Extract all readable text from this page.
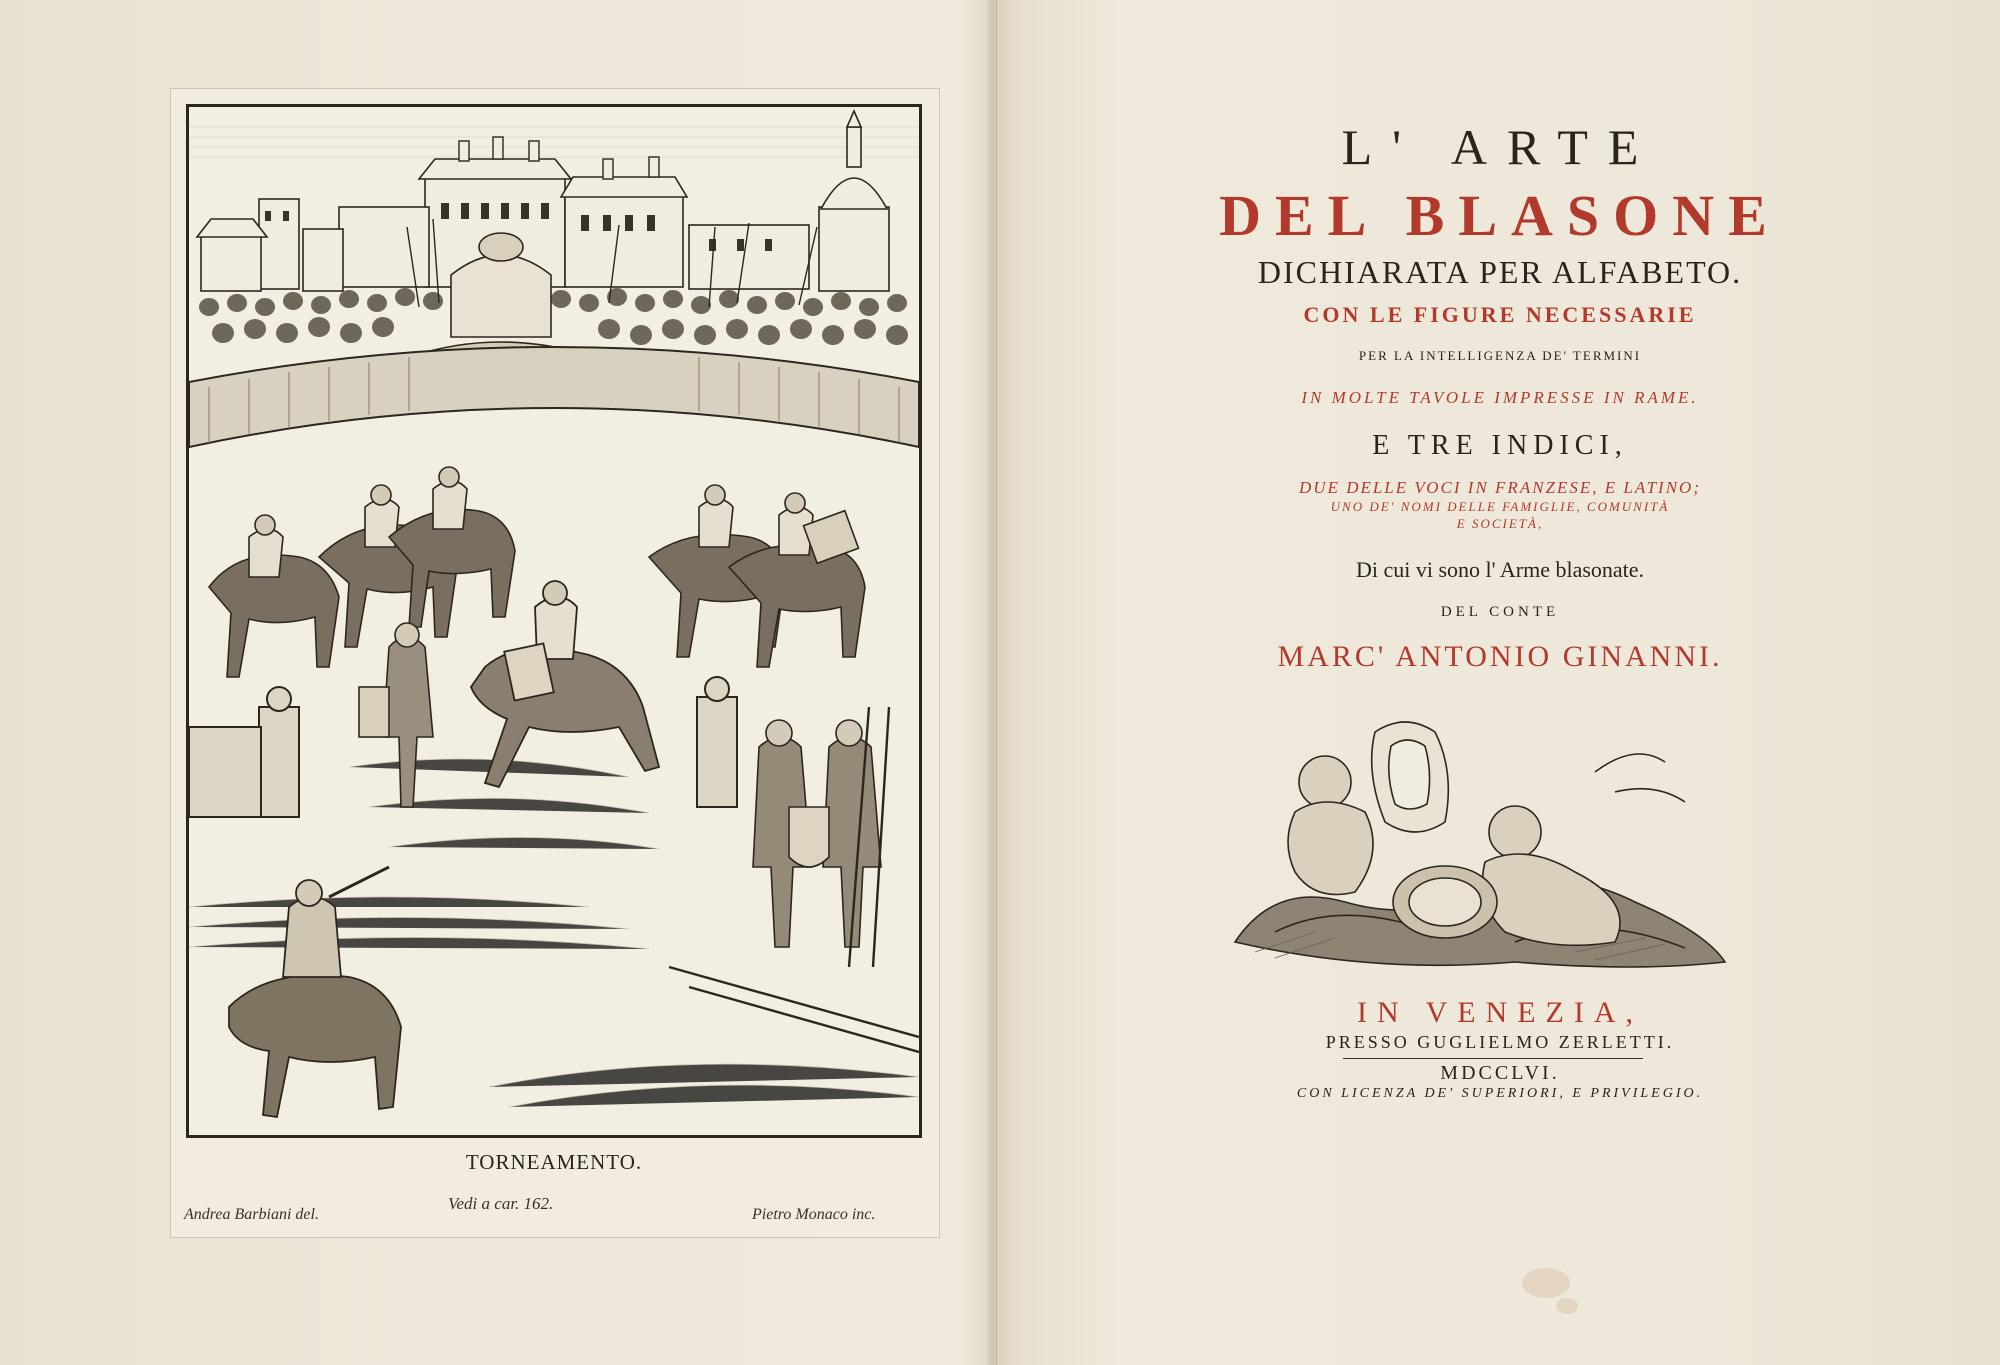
TORNEAMENTO.
Andrea Barbiani del.
Vedi a car. 162.
Pietro Monaco inc.
L' ARTE
DEL BLASONE
DICHIARATA PER ALFABETO.
CON LE FIGURE NECESSARIE
PER LA INTELLIGENZA DE' TERMINI
IN MOLTE TAVOLE IMPRESSE IN RAME.
E TRE INDICI,
DUE DELLE VOCI IN FRANZESE, E LATINO;
UNO DE' NOMI DELLE FAMIGLIE, COMUNITÀ
E SOCIETÀ,
Di cui vi sono l' Arme blasonate.
DEL CONTE
MARC' ANTONIO GINANNI.
IN VENEZIA,
PRESSO GUGLIELMO ZERLETTI.
MDCCLVI.
CON LICENZA DE' SUPERIORI, E PRIVILEGIO.
